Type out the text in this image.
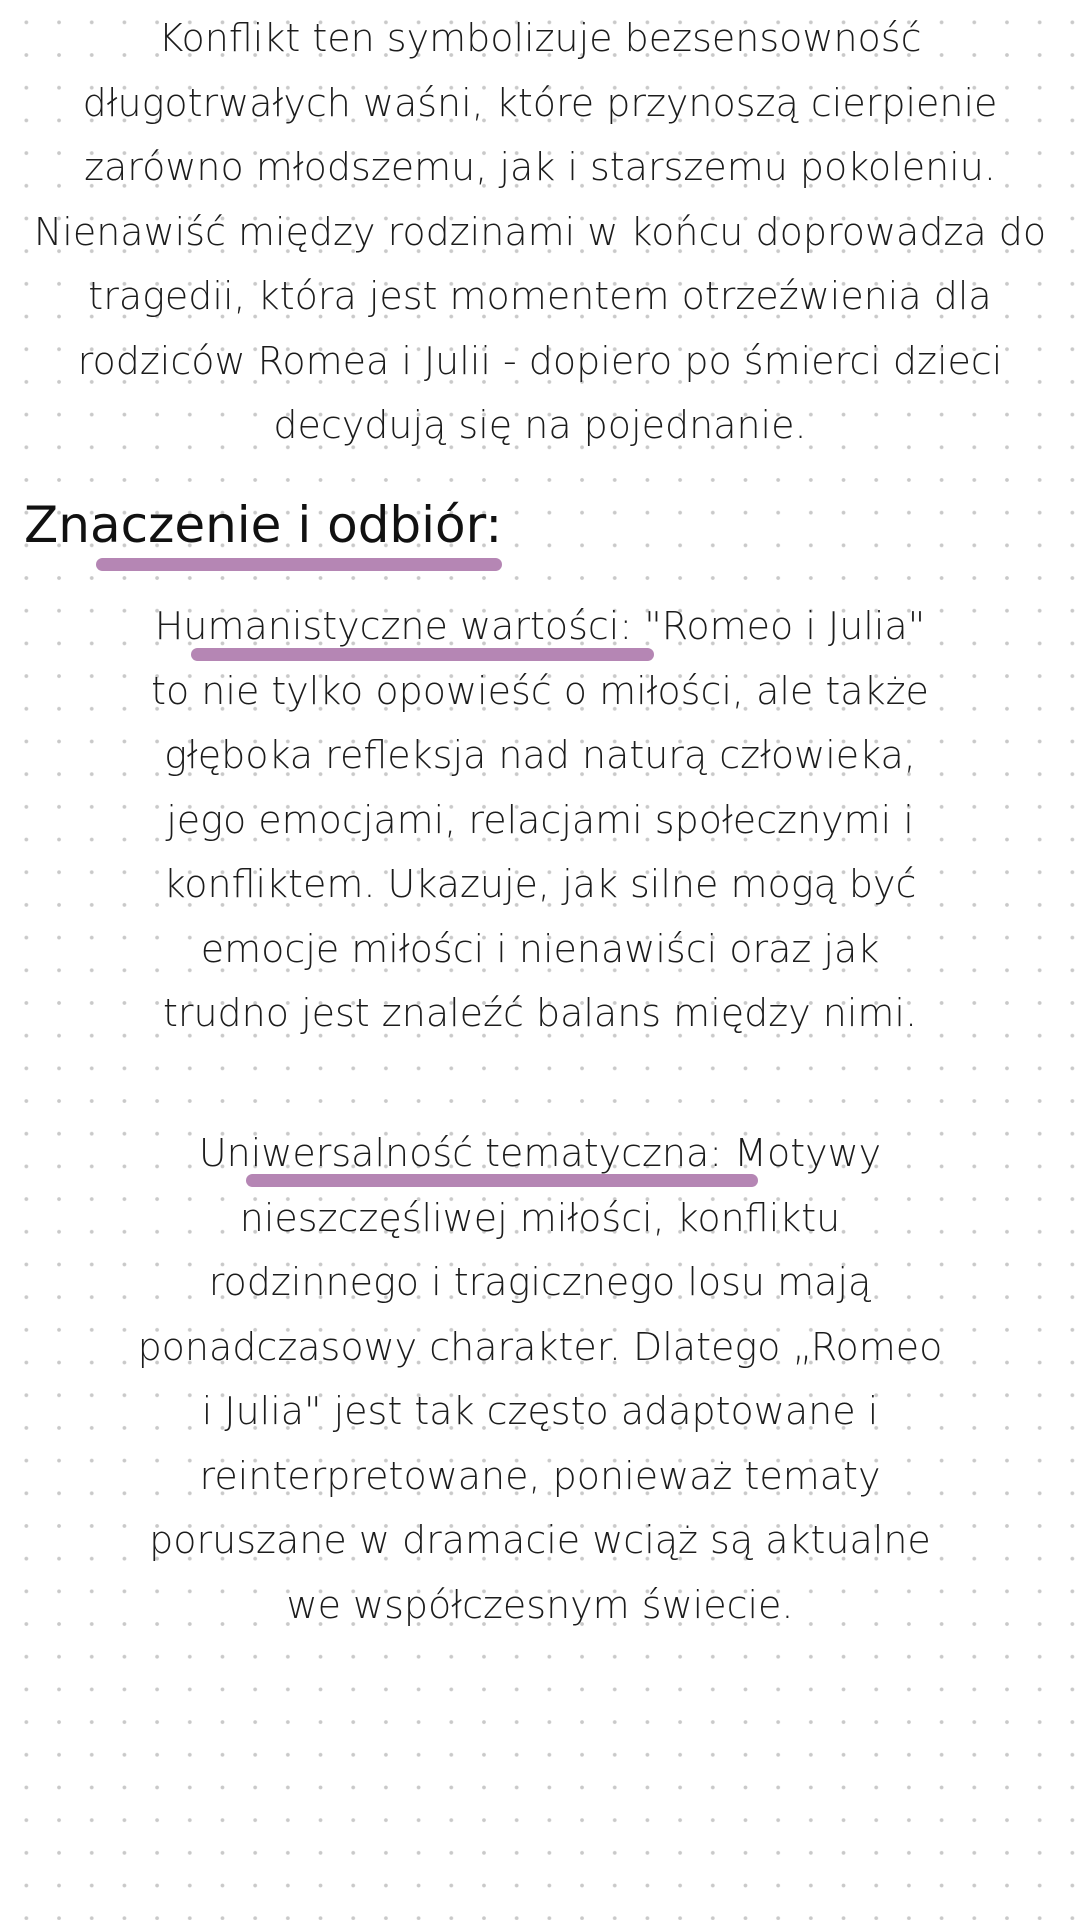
Konflikt ten symbolizuje bezsensowność
długotrwałych waśni, które przynoszą cierpienie
zarówno młodszemu, jak i starszemu pokoleniu.
Nienawiść między rodzinami w końcu doprowadza do
tragedii, która jest momentem otrzeźwienia dla
rodziców Romea i Julii - dopiero po śmierci dzieci
decydują się na pojednanie.
Znaczenie i odbiór:
Humanistyczne wartości: "Romeo i Julia"
to nie tylko opowieść o miłości, ale także
głęboka refleksja nad naturą człowieka,
jego emocjami, relacjami społecznymi i
konfliktem. Ukazuje, jak silne mogą być
emocje miłości i nienawiści oraz jak
trudno jest znaleźć balans między nimi.
Uniwersalność tematyczna: Motywy
nieszczęśliwej miłości, konfliktu
rodzinnego i tragicznego losu mają
ponadczasowy charakter. Dlatego „Romeo
i Julia" jest tak często adaptowane i
reinterpretowane, ponieważ tematy
poruszane w dramacie wciąż są aktualne
we współczesnym świecie.
